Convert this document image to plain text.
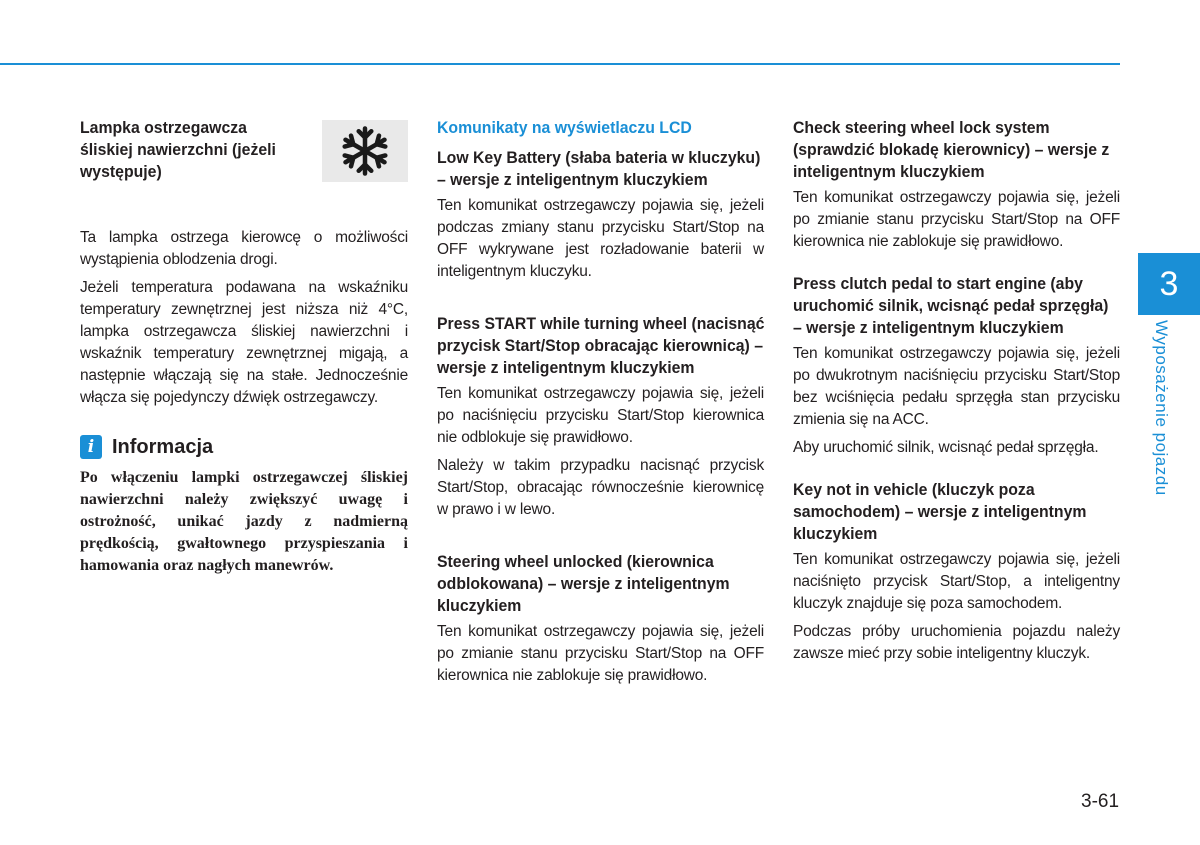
Lampka ostrzegawcza śliskiej nawierzchni (jeżeli występuje)
Ta lampka ostrzega kierowcę o możliwości wystąpienia oblodzenia drogi.
Jeżeli temperatura podawana na wskaźniku temperatury zewnętrznej jest niższa niż 4°C, lampka ostrzegawcza śliskiej nawierzchni i wskaźnik temperatury zewnętrznej migają, a następnie włączają się na stałe. Jednocześnie włącza się pojedynczy dźwięk ostrzegawczy.
i Informacja
Po włączeniu lampki ostrzegawczej śliskiej nawierzchni należy zwiększyć uwagę i ostrożność, unikać jazdy z nadmierną prędkością, gwałtownego przyspieszania i hamowania oraz nagłych manewrów.
Komunikaty na wyświetlaczu LCD
Low Key Battery (słaba bateria w kluczyku) – wersje z inteligentnym kluczykiem
Ten komunikat ostrzegawczy pojawia się, jeżeli podczas zmiany stanu przycisku Start/Stop na OFF wykrywane jest rozładowanie baterii w inteligentnym kluczyku.
Press START while turning wheel (nacisnąć przycisk Start/Stop obracając kierownicą) – wersje z inteligentnym kluczykiem
Ten komunikat ostrzegawczy pojawia się, jeżeli po naciśnięciu przycisku Start/Stop kierownica nie odblokuje się prawidłowo.
Należy w takim przypadku nacisnąć przycisk Start/Stop, obracając równocześnie kierownicę w prawo i w lewo.
Steering wheel unlocked (kierownica odblokowana) – wersje z inteligentnym kluczykiem
Ten komunikat ostrzegawczy pojawia się, jeżeli po zmianie stanu przycisku Start/Stop na OFF kierownica nie zablokuje się prawidłowo.
Check steering wheel lock system (sprawdzić blokadę kierownicy) – wersje z inteligentnym kluczykiem
Ten komunikat ostrzegawczy pojawia się, jeżeli po zmianie stanu przycisku Start/Stop na OFF kierownica nie zablokuje się prawidłowo.
Press clutch pedal to start engine (aby uruchomić silnik, wcisnąć pedał sprzęgła) – wersje z inteligentnym kluczykiem
Ten komunikat ostrzegawczy pojawia się, jeżeli po dwukrotnym naciśnięciu przycisku Start/Stop bez wciśnięcia pedału sprzęgła stan przycisku zmienia się na ACC.
Aby uruchomić silnik, wcisnąć pedał sprzęgła.
Key not in vehicle (kluczyk poza samochodem) – wersje z inteligentnym kluczykiem
Ten komunikat ostrzegawczy pojawia się, jeżeli naciśnięto przycisk Start/Stop, a inteligentny kluczyk znajduje się poza samochodem.
Podczas próby uruchomienia pojazdu należy zawsze mieć przy sobie inteligentny kluczyk.
3
Wyposażenie pojazdu
3-61
